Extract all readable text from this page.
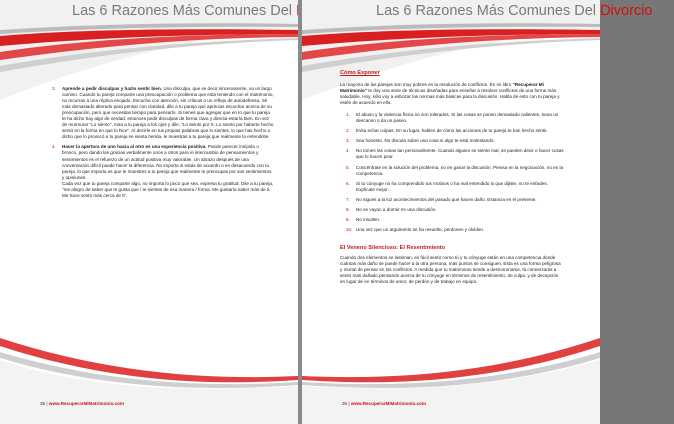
Las 6 Razones Más Comunes Del
3. Aprende a pedir disculpas y hazlo sentir bien. Una disculpa, que se decir sinceramente, va un largo camino. Cuando tu pareja comparte una preocupación o problema que está teniendo con el matrimonio, no recurras a una réplica enojado. Escucha con atención, sin críticas o un reflejo de autodefensa. Sé más demasiado alterado para pensar con claridad, dile a tu pareja que aprecias escuchar acerca de su preocupación, pero que necesitas tiempo para pensarlo. Si tienes que agregar que en lo que tu pareja te ha dicho hay algo de verdad, entonces pedir disculpas de forma clara y directa estaría bien. En vez de murmurar "Lo siento", mira a tu pareja a los ojos y dile, "Lo siento por X. Lo siento por haberte hecho sentir en la forma en que lo hice". Al decirle en tus propias palabras que lo sientes, lo que has hecho o dicho que lo provocó a tu pareja se sienta herida, le muestras a tu pareja que realmente la entendiste.
4. Hacer la apertura de uno hacia al otro es una experiencia positiva. Puede parecer insípido o bronco, pero dando las gracias verbalmente unos a otros para el intercambio de pensamientos y sentimientos es el refuerzo de un actitud positiva muy valorable. Un abrazo después de una conversación difícil puede hacer la diferencia. No importa si estás de acuerdo o en desacuerdo con tu pareja, lo que importa es que le muestres a tu pareja que realmente te preocupas por sus sentimientos y opiniones.
Cada vez que tu pareja comparte algo, no importa lo poco que sea, expresa tu gratitud. Dile a tu pareja, "me alegro de saber que te gusta que / te sientes de esa manera / forma. Me gustaría saber más de ti. Me hace sentir más cerca de ti".
35 | www.RecuperarMiMatrimonio.com
Las 6 Razones Más Comunes Del Divorcio
Cómo Exponer

La mayoría de las parejas son muy pobres en la resolución de conflictos. En mi libro "Recuperar Mi Matrimonio" te doy una serie de técnicas diseñadas para enseñar a resolver conflictos de una forma más saludable. Hoy, sólo voy a esbozar las normas más básicas para la discusión. Habla de esto con tu pareja y estén de acuerdo en ello.

1. El abuso y la violencia física no son tolerados. Si las cosas se ponen demasiado calientes, toma un descanso o da un paseo.
2. Evita echar culpas. En su lugar, hablen de cómo las acciones de tu pareja te han hecho sentir.
3. Sea honesto. No discuta sobre una cosa si algo te está molestando.
4. No tomes las cosas tan personalmente. Cuando alguien se siente mal, se pueden decir o hacer cosas que lo hacen peor.
5. Concéntrate en la solución del problema, no en ganar la discusión. Piensa en la negociación, no en la competencia.
6. Si tu cónyuge no ha comprendido tus motivos o ha mal entendido lo que dijiste, no te enfades. Explícate mejor.
7. No sigues a la luz acontecimientos del pasado que hacen daño. Estancia en el presente.
8. No se vayan a dormir en una discusión.
9. No insulten.
10. Una vez que un argumento se ha resuelto, perdonen y olviden.
El Veneno Silencioso: El Resentimiento

Cuando dos elementos se lastiman, es fácil sentir como tú y tu cónyuge están en una competencia donde cuántas más daño se puede hacer a la otra persona, más puntos se consiguen. Esta es una forma peligrosa y mortal de pensar en los conflictos. A medida que tu matrimonio tiende a desmoronarse, tú comenzarás a sentir más dañado pensando acerca de tu cónyuge en términos de resentimiento, de culpa, y de decepción en lugar de en términos de amor, de perdón y de trabajo en equipo.

36 | www.RecuperarMiMatrimonio.com
